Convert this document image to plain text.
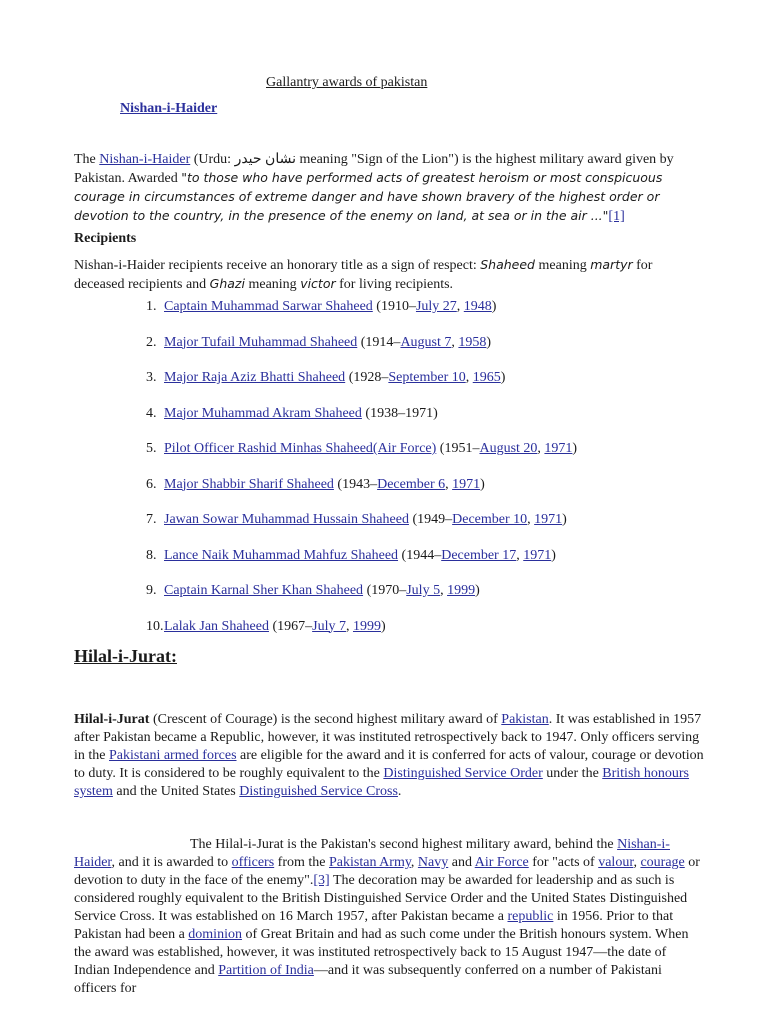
Gallantry awards of pakistan
Nishan-i-Haider

The Nishan-i-Haider (Urdu: نشان حيدر meaning "Sign of the Lion") is the highest military award given by Pakistan. Awarded "to those who have performed acts of greatest heroism or most conspicuous courage in circumstances of extreme danger and have shown bravery of the highest order or devotion to the country, in the presence of the enemy on land, at sea or in the air ..."[1]

Recipients

Nishan-i-Haider recipients receive an honorary title as a sign of respect: Shaheed meaning martyr for deceased recipients and Ghazi meaning victor for living recipients.

1. Captain Muhammad Sarwar Shaheed (1910–July 27, 1948)
2. Major Tufail Muhammad Shaheed (1914–August 7, 1958)
3. Major Raja Aziz Bhatti Shaheed (1928–September 10, 1965)
4. Major Muhammad Akram Shaheed (1938–1971)
5. Pilot Officer Rashid Minhas Shaheed(Air Force) (1951–August 20, 1971)
6. Major Shabbir Sharif Shaheed (1943–December 6, 1971)
7. Jawan Sowar Muhammad Hussain Shaheed (1949–December 10, 1971)
8. Lance Naik Muhammad Mahfuz Shaheed (1944–December 17, 1971)
9. Captain Karnal Sher Khan Shaheed (1970–July 5, 1999)
10.Lalak Jan Shaheed (1967–July 7, 1999)
Hilal-i-Jurat:

Hilal-i-Jurat (Crescent of Courage) is the second highest military award of Pakistan. It was established in 1957 after Pakistan became a Republic, however, it was instituted retrospectively back to 1947. Only officers serving in the Pakistani armed forces are eligible for the award and it is conferred for acts of valour, courage or devotion to duty. It is considered to be roughly equivalent to the Distinguished Service Order under the British honours system and the United States Distinguished Service Cross.

The Hilal-i-Jurat is the Pakistan's second highest military award, behind the Nishan-i-Haider, and it is awarded to officers from the Pakistan Army, Navy and Air Force for "acts of valour, courage or devotion to duty in the face of the enemy".[3] The decoration may be awarded for leadership and as such is considered roughly equivalent to the British Distinguished Service Order and the United States Distinguished Service Cross. It was established on 16 March 1957, after Pakistan became a republic in 1956. Prior to that Pakistan had been a dominion of Great Britain and had as such come under the British honours system. When the award was established, however, it was instituted retrospectively back to 15 August 1947—the date of Indian Independence and Partition of India—and it was subsequently conferred on a number of Pakistani officers for
